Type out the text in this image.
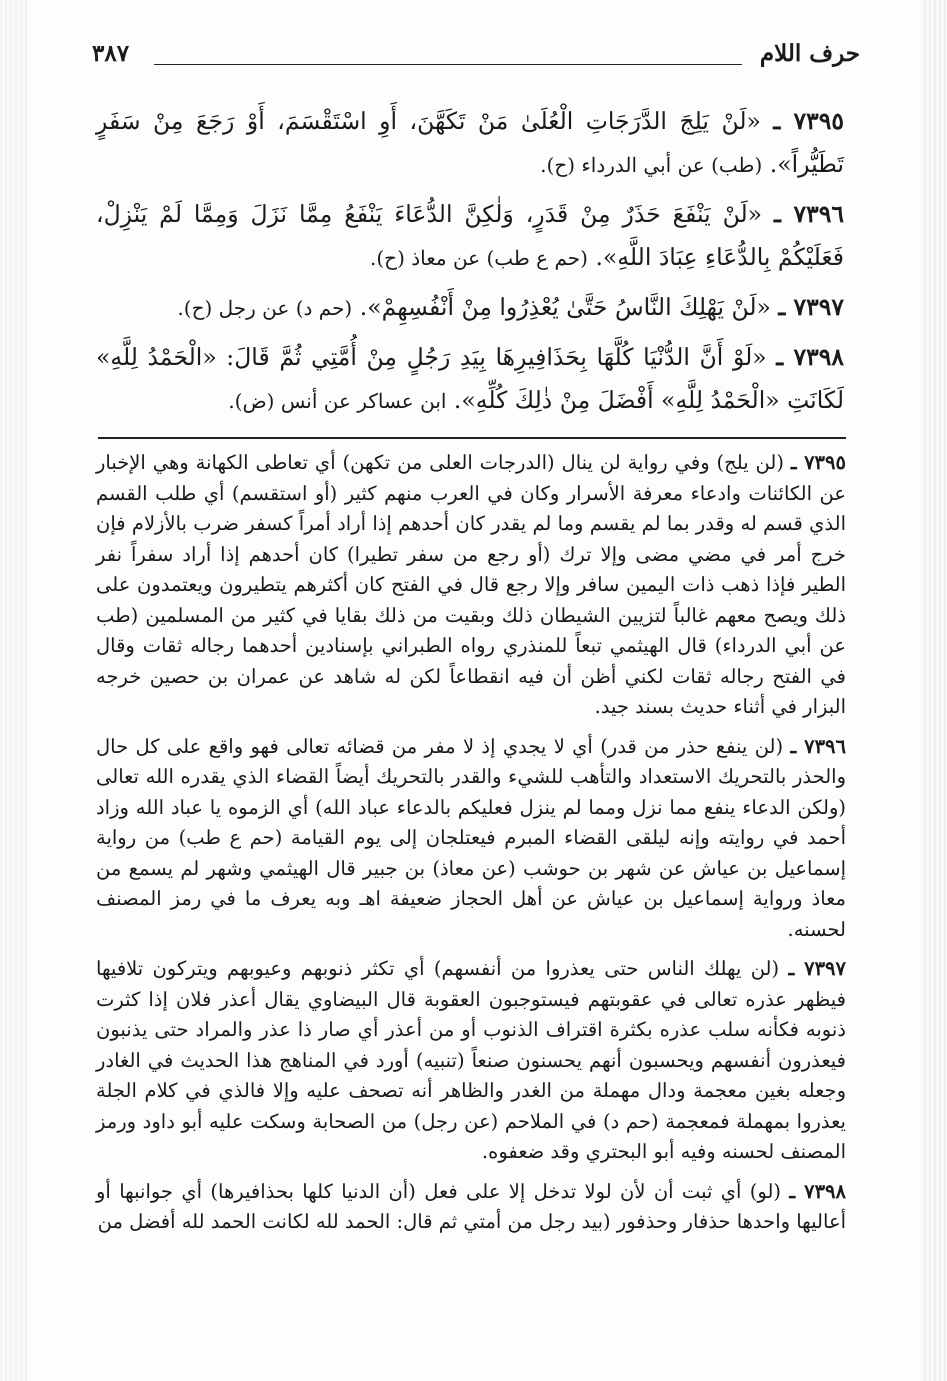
حرف اللام
٣٨٧

٧٣٩٥ ـ «لَنْ يَلِجَ الدَّرَجَاتِ الْعُلَىٰ مَنْ تَكَهَّنَ، أَوِ اسْتَقْسَمَ، أَوْ رَجَعَ مِنْ سَفَرٍ تَطَيُّراً». (طب) عن أبي الدرداء (ح).

٧٣٩٦ ـ «لَنْ يَنْفَعَ حَذَرٌ مِنْ قَدَرٍ، وَلٰكِنَّ الدُّعَاءَ يَنْفَعُ مِمَّا نَزَلَ وَمِمَّا لَمْ يَنْزِلْ، فَعَلَيْكُمْ بِالدُّعَاءِ عِبَادَ اللَّهِ». (حم ع طب) عن معاذ (ح).

٧٣٩٧ ـ «لَنْ يَهْلِكَ النَّاسُ حَتَّىٰ يُعْذِرُوا مِنْ أَنْفُسِهِمْ». (حم د) عن رجل (ح).

٧٣٩٨ ـ «لَوْ أَنَّ الدُّنْيَا كُلَّهَا بِحَذَافِيرِهَا بِيَدِ رَجُلٍ مِنْ أُمَّتِي ثُمَّ قَالَ: «الْحَمْدُ لِلَّهِ» لَكَانَتِ «الْحَمْدُ لِلَّهِ» أَفْضَلَ مِنْ ذٰلِكَ كُلِّهِ». ابن عساكر عن أنس (ض).

٧٣٩٥ ـ (لن يلج) وفي رواية لن ينال (الدرجات العلى من تكهن) أي تعاطى الكهانة وهي الإخبار عن الكائنات وادعاء معرفة الأسرار وكان في العرب منهم كثير (أو استقسم) أي طلب القسم الذي قسم له وقدر بما لم يقسم وما لم يقدر كان أحدهم إذا أراد أمراً كسفر ضرب بالأزلام فإن خرج أمر في مضي مضى وإلا ترك (أو رجع من سفر تطيرا) كان أحدهم إذا أراد سفراً نفر الطير فإذا ذهب ذات اليمين سافر وإلا رجع قال في الفتح كان أكثرهم يتطيرون ويعتمدون على ذلك ويصح معهم غالباً لتزيين الشيطان ذلك وبقيت من ذلك بقايا في كثير من المسلمين (طب عن أبي الدرداء) قال الهيثمي تبعاً للمنذري رواه الطبراني بإسنادين أحدهما رجاله ثقات وقال في الفتح رجاله ثقات لكني أظن أن فيه انقطاعاً لكن له شاهد عن عمران بن حصين خرجه البزار في أثناء حديث بسند جيد.

٧٣٩٦ ـ (لن ينفع حذر من قدر) أي لا يجدي إذ لا مفر من قضائه تعالى فهو واقع على كل حال والحذر بالتحريك الاستعداد والتأهب للشيء والقدر بالتحريك أيضاً القضاء الذي يقدره الله تعالى (ولكن الدعاء ينفع مما نزل ومما لم ينزل فعليكم بالدعاء عباد الله) أي الزموه يا عباد الله وزاد أحمد في روايته وإنه ليلقى القضاء المبرم فيعتلجان إلى يوم القيامة (حم ع طب) من رواية إسماعيل بن عياش عن شهر بن حوشب (عن معاذ) بن جبير قال الهيثمي وشهر لم يسمع من معاذ ورواية إسماعيل بن عياش عن أهل الحجاز ضعيفة اهـ وبه يعرف ما في رمز المصنف لحسنه.

٧٣٩٧ ـ (لن يهلك الناس حتى يعذروا من أنفسهم) أي تكثر ذنوبهم وعيوبهم ويتركون تلافيها فيظهر عذره تعالى في عقوبتهم فيستوجبون العقوبة قال البيضاوي يقال أعذر فلان إذا كثرت ذنوبه فكأنه سلب عذره بكثرة اقتراف الذنوب أو من أعذر أي صار ذا عذر والمراد حتى يذنبون فيعذرون أنفسهم ويحسبون أنهم يحسنون صنعاً (تنبيه) أورد في المناهج هذا الحديث في الغادر وجعله بغين معجمة ودال مهملة من الغدر والظاهر أنه تصحف عليه وإلا فالذي في كلام الجلة يعذروا بمهملة فمعجمة (حم د) في الملاحم (عن رجل) من الصحابة وسكت عليه أبو داود ورمز المصنف لحسنه وفيه أبو البحتري وقد ضعفوه.

٧٣٩٨ ـ (لو) أي ثبت أن لأن لولا تدخل إلا على فعل (أن الدنيا كلها بحذافيرها) أي جوانبها أو أعاليها واحدها حذفار وحذفور (بيد رجل من أمتي ثم قال: الحمد لله لكانت الحمد لله أفضل من
